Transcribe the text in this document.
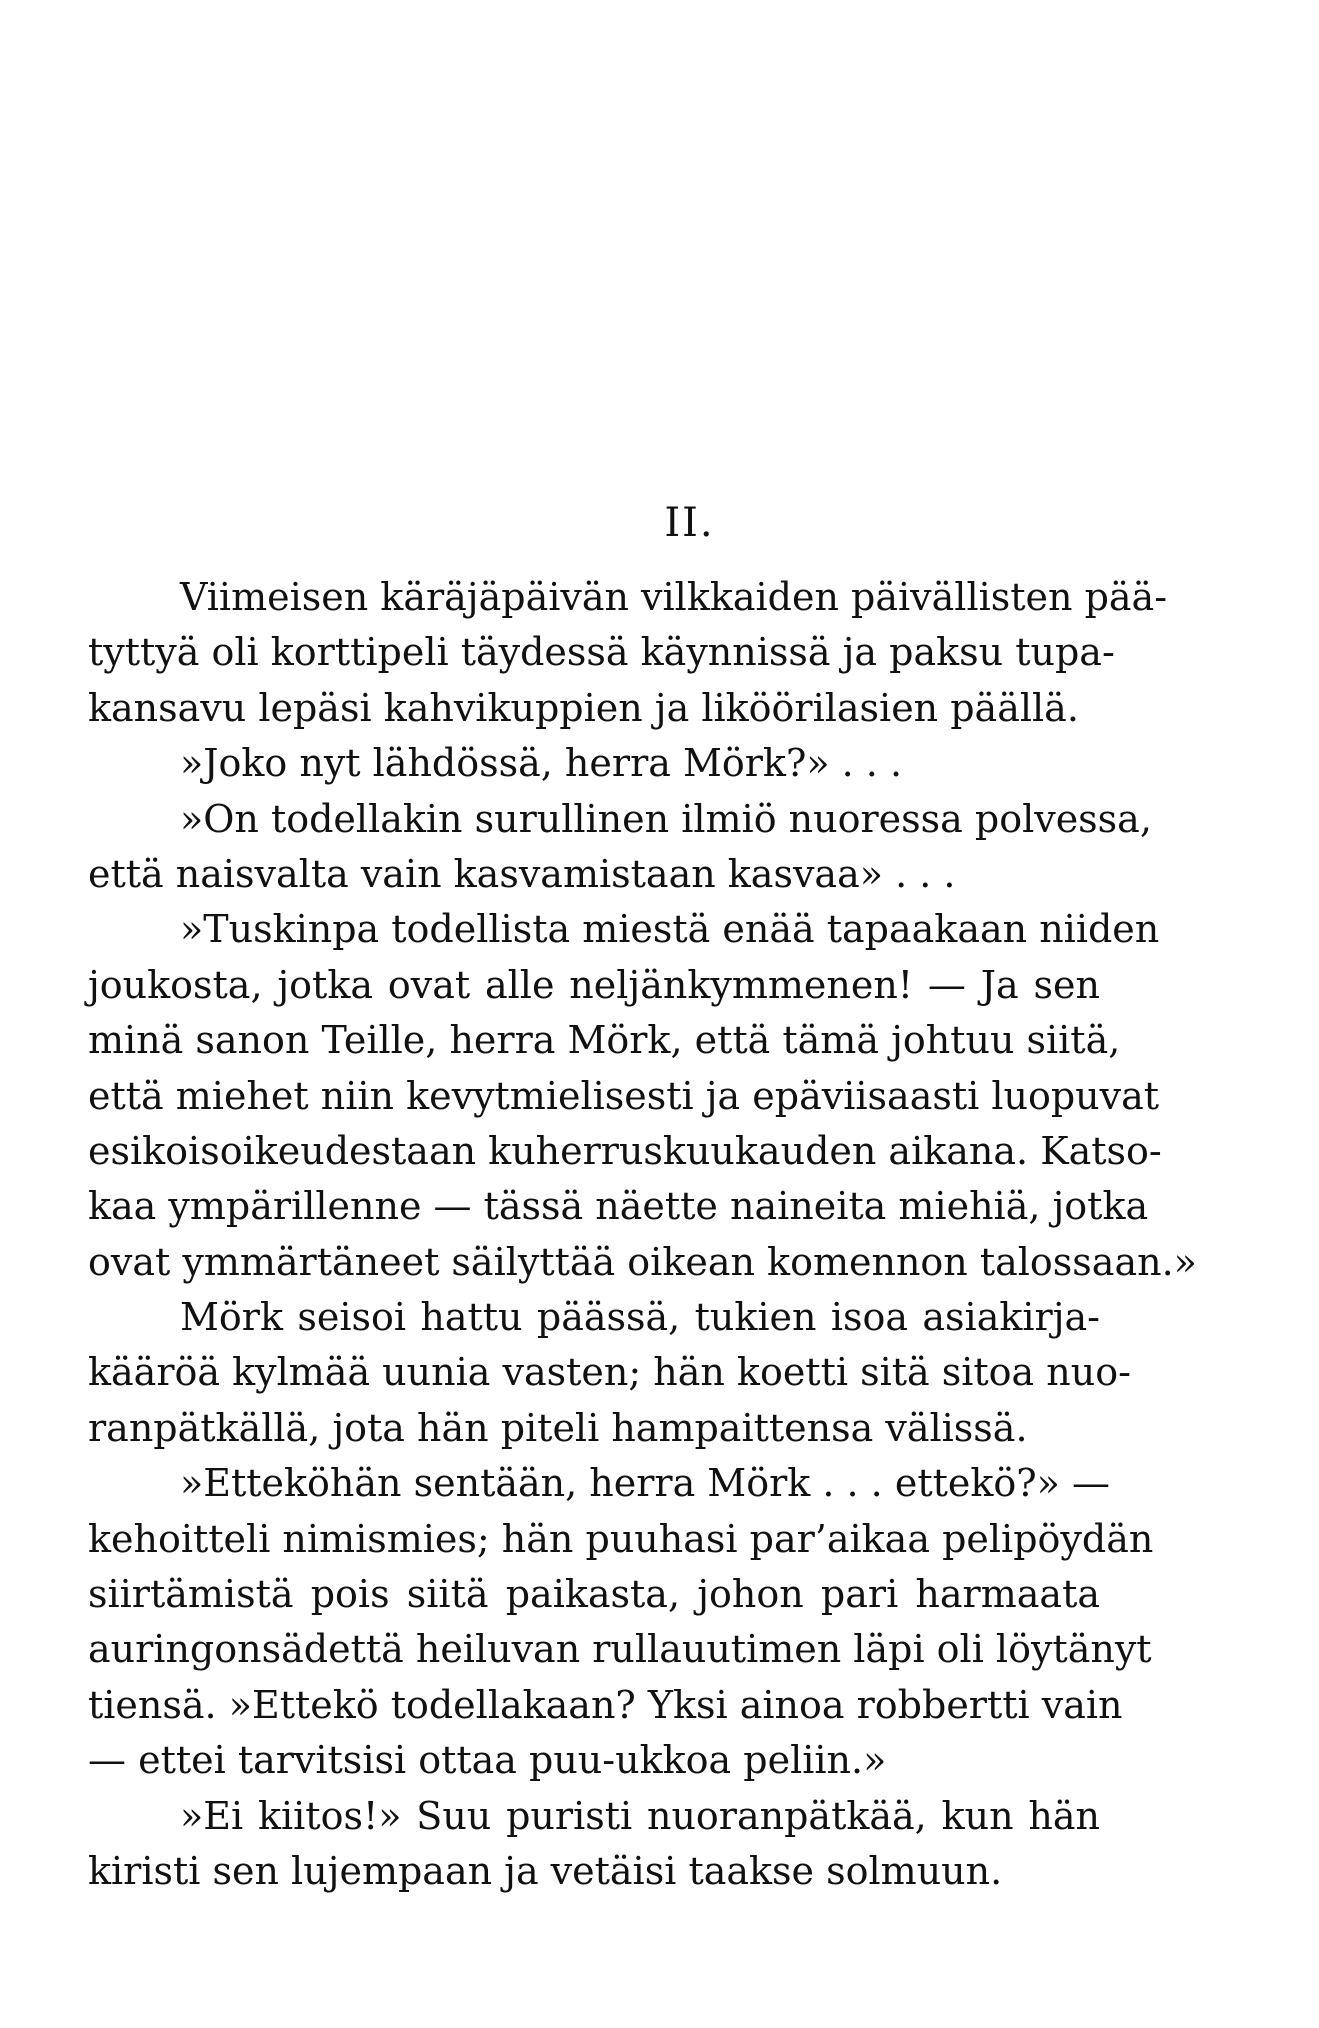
II.
Viimeisen käräjäpäivän vilkkaiden päivällisten pää-
tyttyä oli korttipeli täydessä käynnissä ja paksu tupa-
kansavu lepäsi kahvikuppien ja liköörilasien päällä.
»Joko nyt lähdössä, herra Mörk?» . . .
»On todellakin surullinen ilmiö nuoressa polvessa,
että naisvalta vain kasvamistaan kasvaa» . . .
»Tuskinpa todellista miestä enää tapaakaan niiden
joukosta, jotka ovat alle neljänkymmenen! — Ja sen
minä sanon Teille, herra Mörk, että tämä johtuu siitä,
että miehet niin kevytmielisesti ja epäviisaasti luopuvat
esikoisoikeudestaan kuherruskuukauden aikana. Katso-
kaa ympärillenne — tässä näette naineita miehiä, jotka
ovat ymmärtäneet säilyttää oikean komennon talossaan.»
Mörk seisoi hattu päässä, tukien isoa asiakirja-
kääröä kylmää uunia vasten; hän koetti sitä sitoa nuo-
ranpätkällä, jota hän piteli hampaittensa välissä.
»Etteköhän sentään, herra Mörk . . . ettekö?» —
kehoitteli nimismies; hän puuhasi par’aikaa pelipöydän
siirtämistä pois siitä paikasta, johon pari harmaata
auringonsädettä heiluvan rullauutimen läpi oli löytänyt
tiensä. »Ettekö todellakaan? Yksi ainoa robbertti vain
— ettei tarvitsisi ottaa puu-ukkoa peliin.»
»Ei kiitos!» Suu puristi nuoranpätkää, kun hän
kiristi sen lujempaan ja vetäisi taakse solmuun.
